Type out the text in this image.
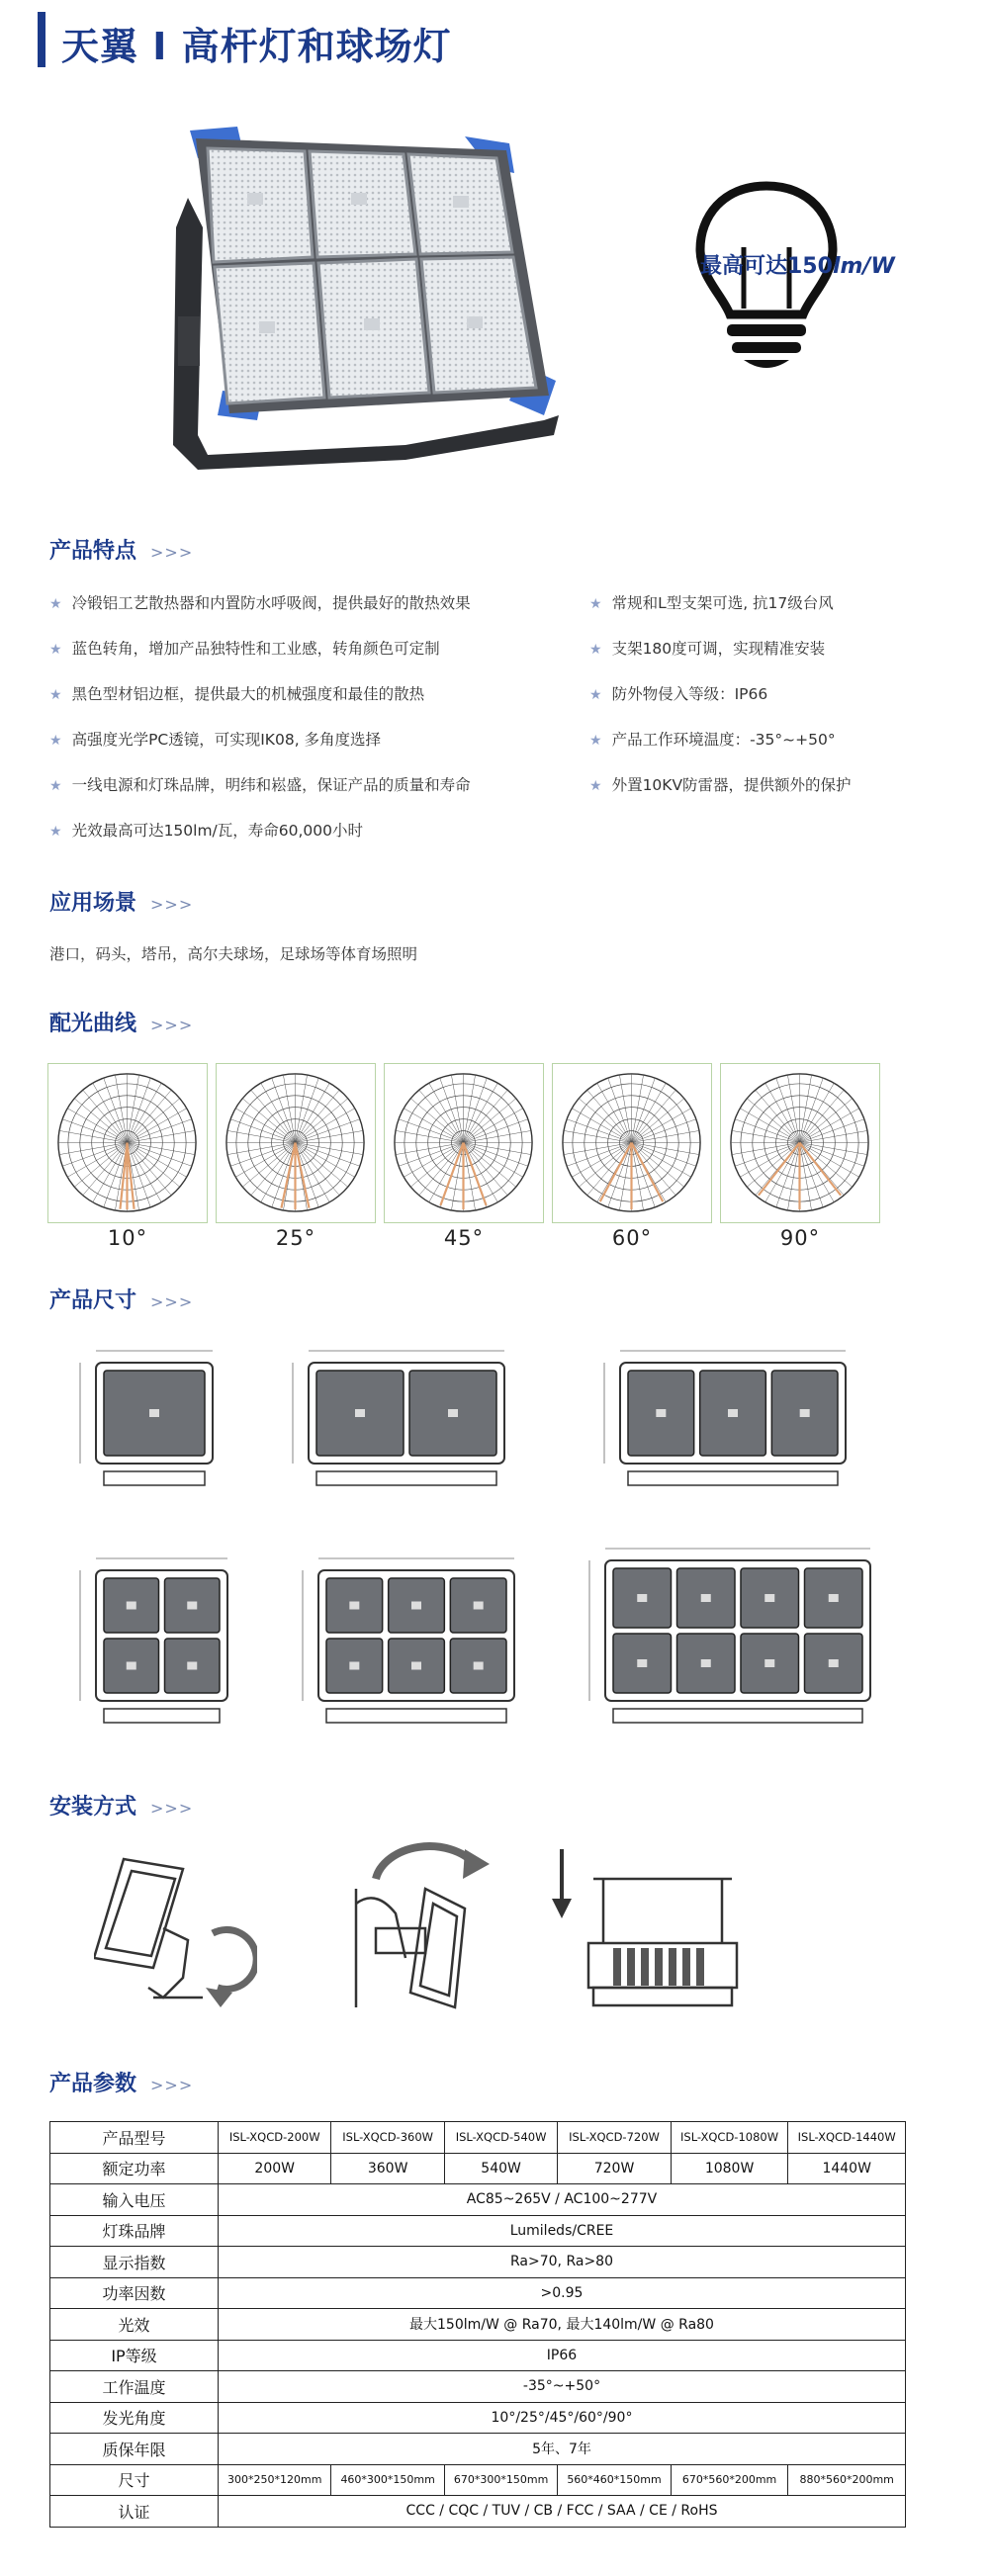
天翼 I 高杆灯和球场灯
最高可达150lm/W
产品特点 >>>
★ 冷锻铝工艺散热器和内置防水呼吸阀，提供最好的散热效果
★ 蓝色转角，增加产品独特性和工业感，转角颜色可定制
★ 黑色型材铝边框，提供最大的机械强度和最佳的散热
★ 高强度光学PC透镜，可实现IK08, 多角度选择
★ 一线电源和灯珠品牌，明纬和崧盛，保证产品的质量和寿命
★ 光效最高可达150lm/瓦，寿命60,000小时
★ 常规和L型支架可选, 抗17级台风
★ 支架180度可调，实现精准安装
★ 防外物侵入等级：IP66
★ 产品工作环境温度：-35°~+50°
★ 外置10KV防雷器，提供额外的保护
应用场景 >>>
港口，码头，塔吊，高尔夫球场，足球场等体育场照明
配光曲线 >>>
10°	25°	45°	60°	90°
产品尺寸 >>>
安装方式 >>>
产品参数 >>>
产品型号	ISL-XQCD-200W	ISL-XQCD-360W	ISL-XQCD-540W	ISL-XQCD-720W	ISL-XQCD-1080W	ISL-XQCD-1440W
额定功率	200W	360W	540W	720W	1080W	1440W
输入电压	AC85~265V / AC100~277V					
灯珠品牌	Lumileds/CREE					
显示指数	Ra>70, Ra>80					
功率因数	>0.95					
光效	最大150lm/W @ Ra70, 最大140lm/W @ Ra80					
IP等级	IP66					
工作温度	-35°~+50°					
发光角度	10°/25°/45°/60°/90°					
质保年限	5年、7年					
尺寸	300*250*120mm	460*300*150mm	670*300*150mm	560*460*150mm	670*560*200mm	880*560*200mm
认证	CCC / CQC / TUV / CB / FCC / SAA / CE / RoHS					
